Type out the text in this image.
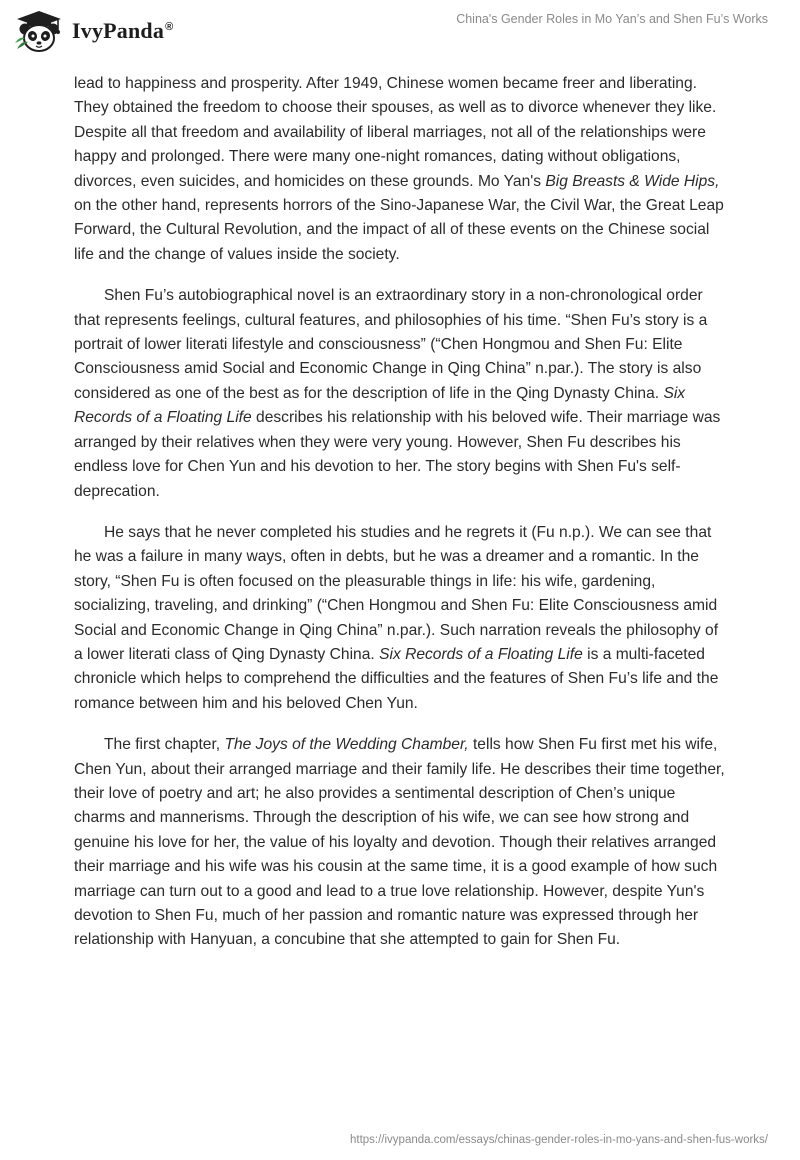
IvyPanda®
China's Gender Roles in Mo Yan’s and Shen Fu’s Works

lead to happiness and prosperity. After 1949, Chinese women became freer and liberating. They obtained the freedom to choose their spouses, as well as to divorce whenever they like. Despite all that freedom and availability of liberal marriages, not all of the relationships were happy and prolonged. There were many one-night romances, dating without obligations, divorces, even suicides, and homicides on these grounds. Mo Yan's Big Breasts & Wide Hips, on the other hand, represents horrors of the Sino-Japanese War, the Civil War, the Great Leap Forward, the Cultural Revolution, and the impact of all of these events on the Chinese social life and the change of values inside the society.

Shen Fu’s autobiographical novel is an extraordinary story in a non-chronological order that represents feelings, cultural features, and philosophies of his time. “Shen Fu’s story is a portrait of lower literati lifestyle and consciousness” (“Chen Hongmou and Shen Fu: Elite Consciousness amid Social and Economic Change in Qing China” n.par.). The story is also considered as one of the best as for the description of life in the Qing Dynasty China. Six Records of a Floating Life describes his relationship with his beloved wife. Their marriage was arranged by their relatives when they were very young. However, Shen Fu describes his endless love for Chen Yun and his devotion to her. The story begins with Shen Fu's self-deprecation.

He says that he never completed his studies and he regrets it (Fu n.p.). We can see that he was a failure in many ways, often in debts, but he was a dreamer and a romantic. In the story, “Shen Fu is often focused on the pleasurable things in life: his wife, gardening, socializing, traveling, and drinking” (“Chen Hongmou and Shen Fu: Elite Consciousness amid Social and Economic Change in Qing China” n.par.). Such narration reveals the philosophy of a lower literati class of Qing Dynasty China. Six Records of a Floating Life is a multi-faceted chronicle which helps to comprehend the difficulties and the features of Shen Fu’s life and the romance between him and his beloved Chen Yun.

The first chapter, The Joys of the Wedding Chamber, tells how Shen Fu first met his wife, Chen Yun, about their arranged marriage and their family life. He describes their time together, their love of poetry and art; he also provides a sentimental description of Chen’s unique charms and mannerisms. Through the description of his wife, we can see how strong and genuine his love for her, the value of his loyalty and devotion. Though their relatives arranged their marriage and his wife was his cousin at the same time, it is a good example of how such marriage can turn out to a good and lead to a true love relationship. However, despite Yun's devotion to Shen Fu, much of her passion and romantic nature was expressed through her relationship with Hanyuan, a concubine that she attempted to gain for Shen Fu.

https://ivypanda.com/essays/chinas-gender-roles-in-mo-yans-and-shen-fus-works/
